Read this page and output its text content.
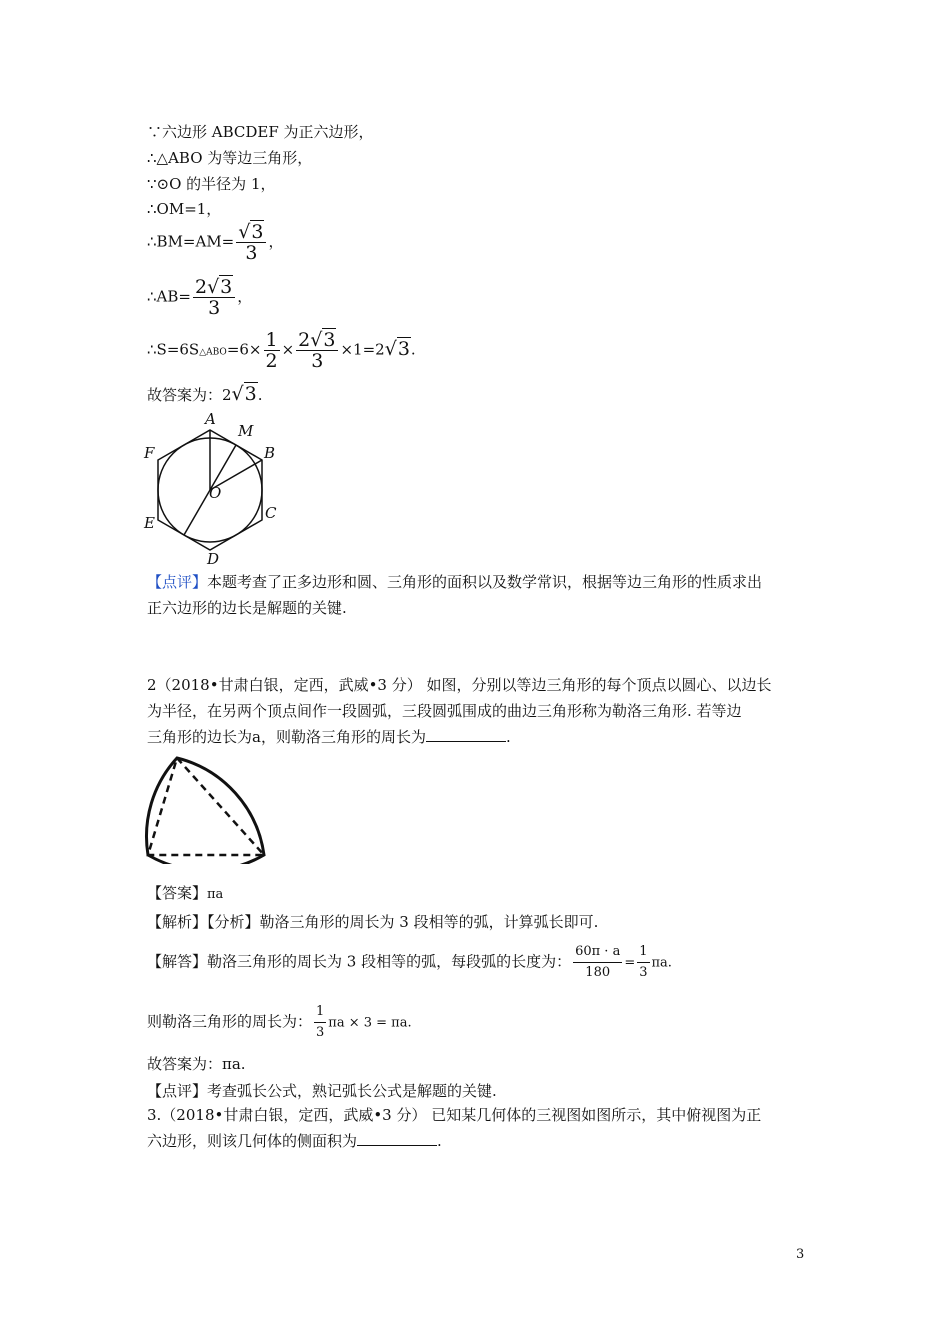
∵六边形 ABCDEF 为正六边形，
∴△ABO 为等边三角形，
∵⊙O 的半径为 1，
∴OM=1，
∴BM=AM= $\frac{√3}{3}$ ，
∴AB= $\frac{2√3}{3}$ ，
∴S=6S△ABO=6× $\frac{1}{2} \times \frac{2√3}{3} \times 1=2√3$.
故答案为：2√3.
A
M
B
C
D
E
F
O
【点评】本题考查了正多边形和圆、三角形的面积以及数学常识，根据等边三角形的性质求出
正六边形的边长是解题的关键.
2（2018•甘肃白银，定西，武威•3 分） 如图，分别以等边三角形的每个顶点以圆心、以边长
为半径，在另两个顶点间作一段圆弧，三段圆弧围成的曲边三角形称为勒洛三角形. 若等边
三角形的边长为a，则勒洛三角形的周长为	.
【答案】πa
【解析】【分析】勒洛三角形的周长为 3 段相等的弧，计算弧长即可.
【解答】勒洛三角形的周长为 3 段相等的弧，每段弧的长度为： $\frac{60\pi \cdot a}{180} = \frac{1}{3} \pi a$.
则勒洛三角形的周长为： $\frac{1}{3}$ πa × 3 = πa.
故答案为：πa.
【点评】考查弧长公式，熟记弧长公式是解题的关键.
3.（2018•甘肃白银，定西，武威•3 分） 已知某几何体的三视图如图所示，其中俯视图为正
六边形，则该几何体的侧面积为	.
3
